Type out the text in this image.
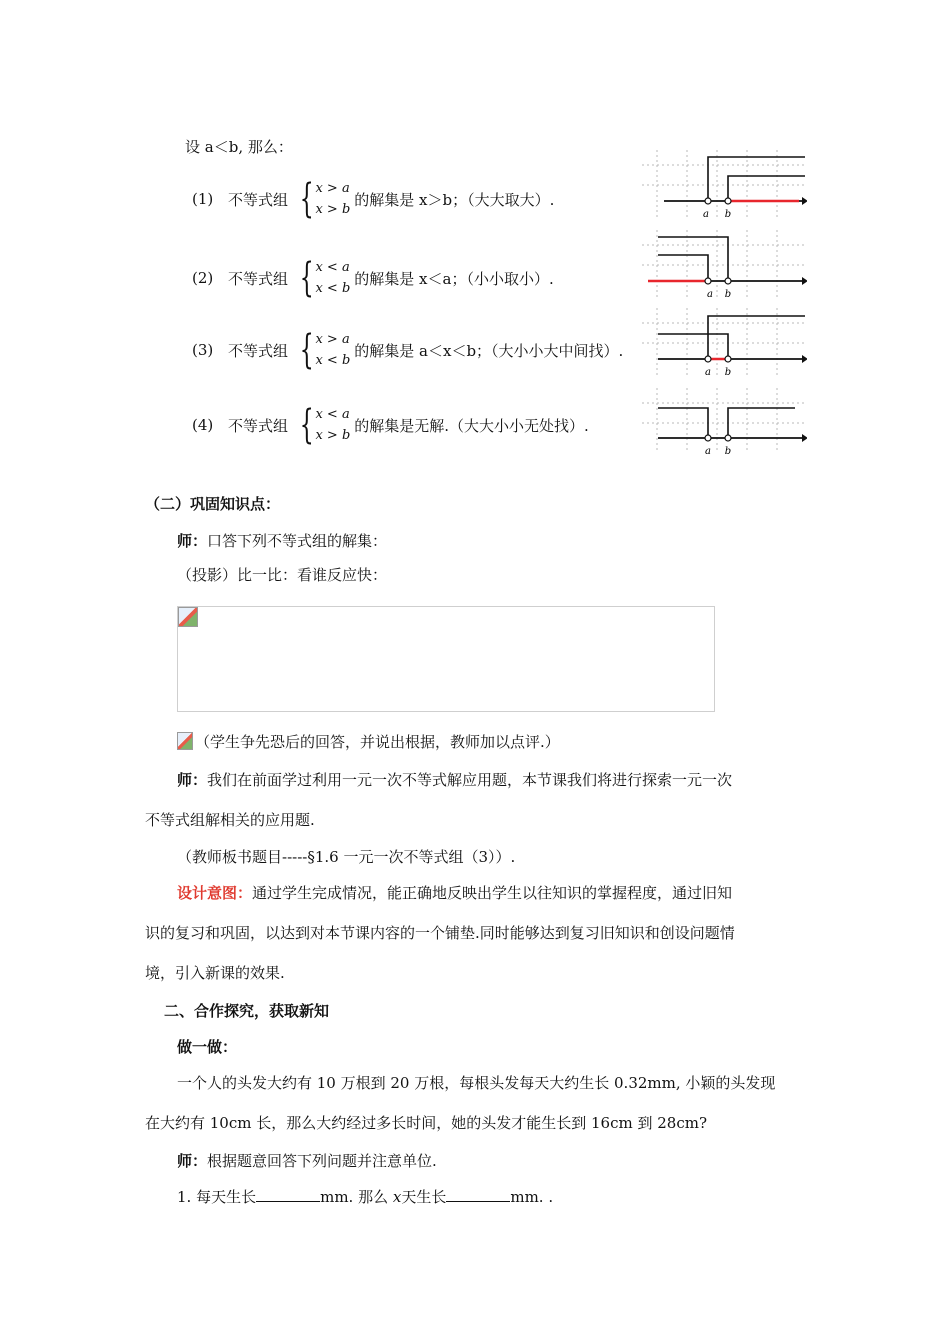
设 a＜b, 那么：
(1) 不等式组 { x > a
x > b
的解集是 x＞b；（大大取大）.
(2) 不等式组 { x < a
x < b
的解集是 x＜a；（小小取小）.
(3) 不等式组 { x > a
x < b
的解集是 a＜x＜b；（大小小大中间找）.
(4) 不等式组 { x < a
x > b
的解集是无解.（大大小小无处找）.
a b
a b
a b
a b
（二）巩固知识点：
师：口答下列不等式组的解集：
（投影）比一比：看谁反应快：
（学生争先恐后的回答，并说出根据，教师加以点评.）
师：我们在前面学过利用一元一次不等式解应用题，本节课我们将进行探索一元一次
不等式组解相关的应用题.
（教师板书题目-----§1.6 一元一次不等式组（3））.
设计意图：通过学生完成情况，能正确地反映出学生以往知识的掌握程度，通过旧知
识的复习和巩固，以达到对本节课内容的一个铺垫.同时能够达到复习旧知识和创设问题情
境，引入新课的效果.
二、合作探究，获取新知
做一做：
一个人的头发大约有 10 万根到 20 万根，每根头发每天大约生长 0.32mm, 小颖的头发现
在大约有 10cm 长，那么大约经过多长时间，她的头发才能生长到 16cm 到 28cm?
师：根据题意回答下列问题并注意单位.
1. 每天生长	mm. 那么 x天生长	mm. .
